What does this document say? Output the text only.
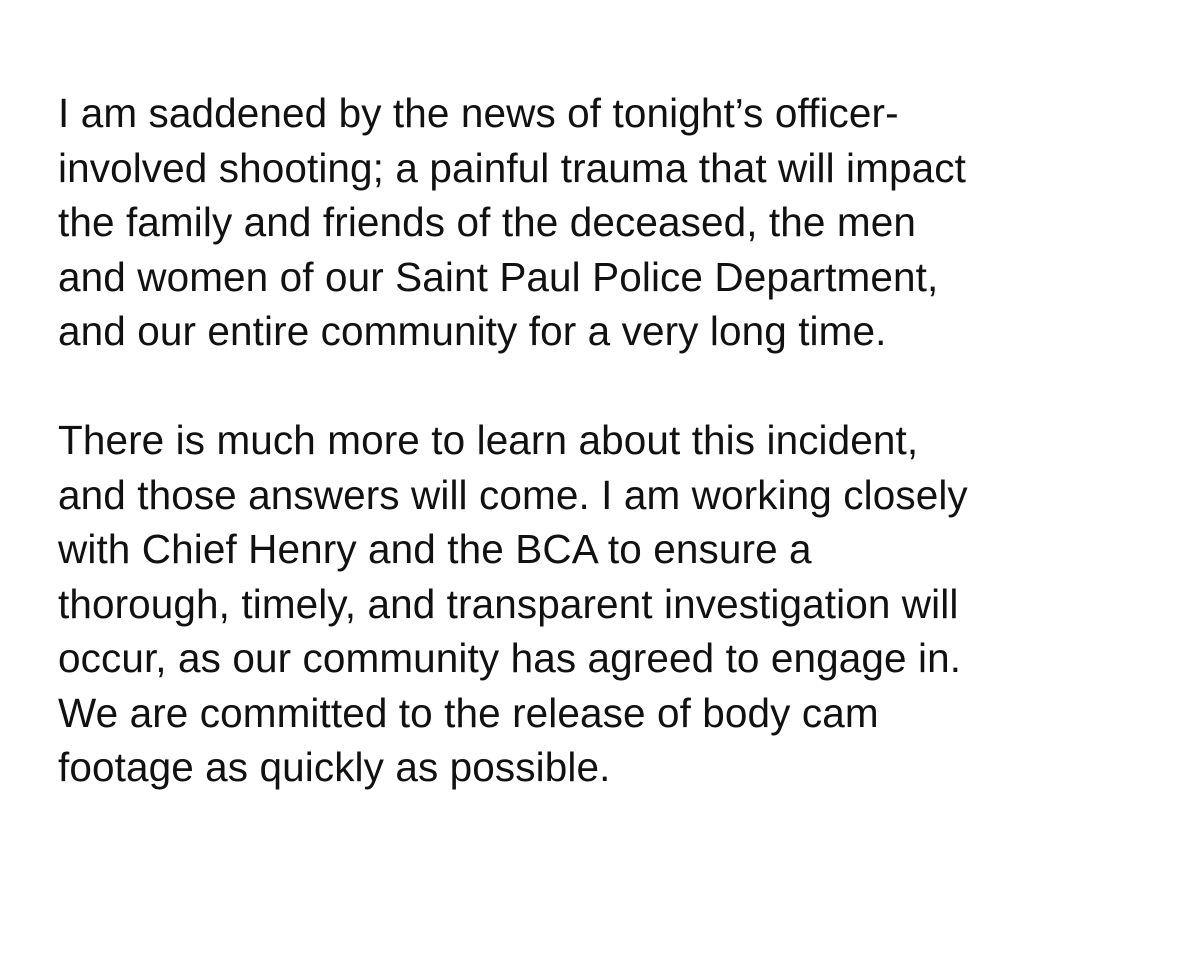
I am saddened by the news of tonight’s officer-
involved shooting; a painful trauma that will impact
the family and friends of the deceased, the men
and women of our Saint Paul Police Department,
and our entire community for a very long time.
There is much more to learn about this incident,
and those answers will come. I am working closely
with Chief Henry and the BCA to ensure a
thorough, timely, and transparent investigation will
occur, as our community has agreed to engage in.
We are committed to the release of body cam
footage as quickly as possible.
